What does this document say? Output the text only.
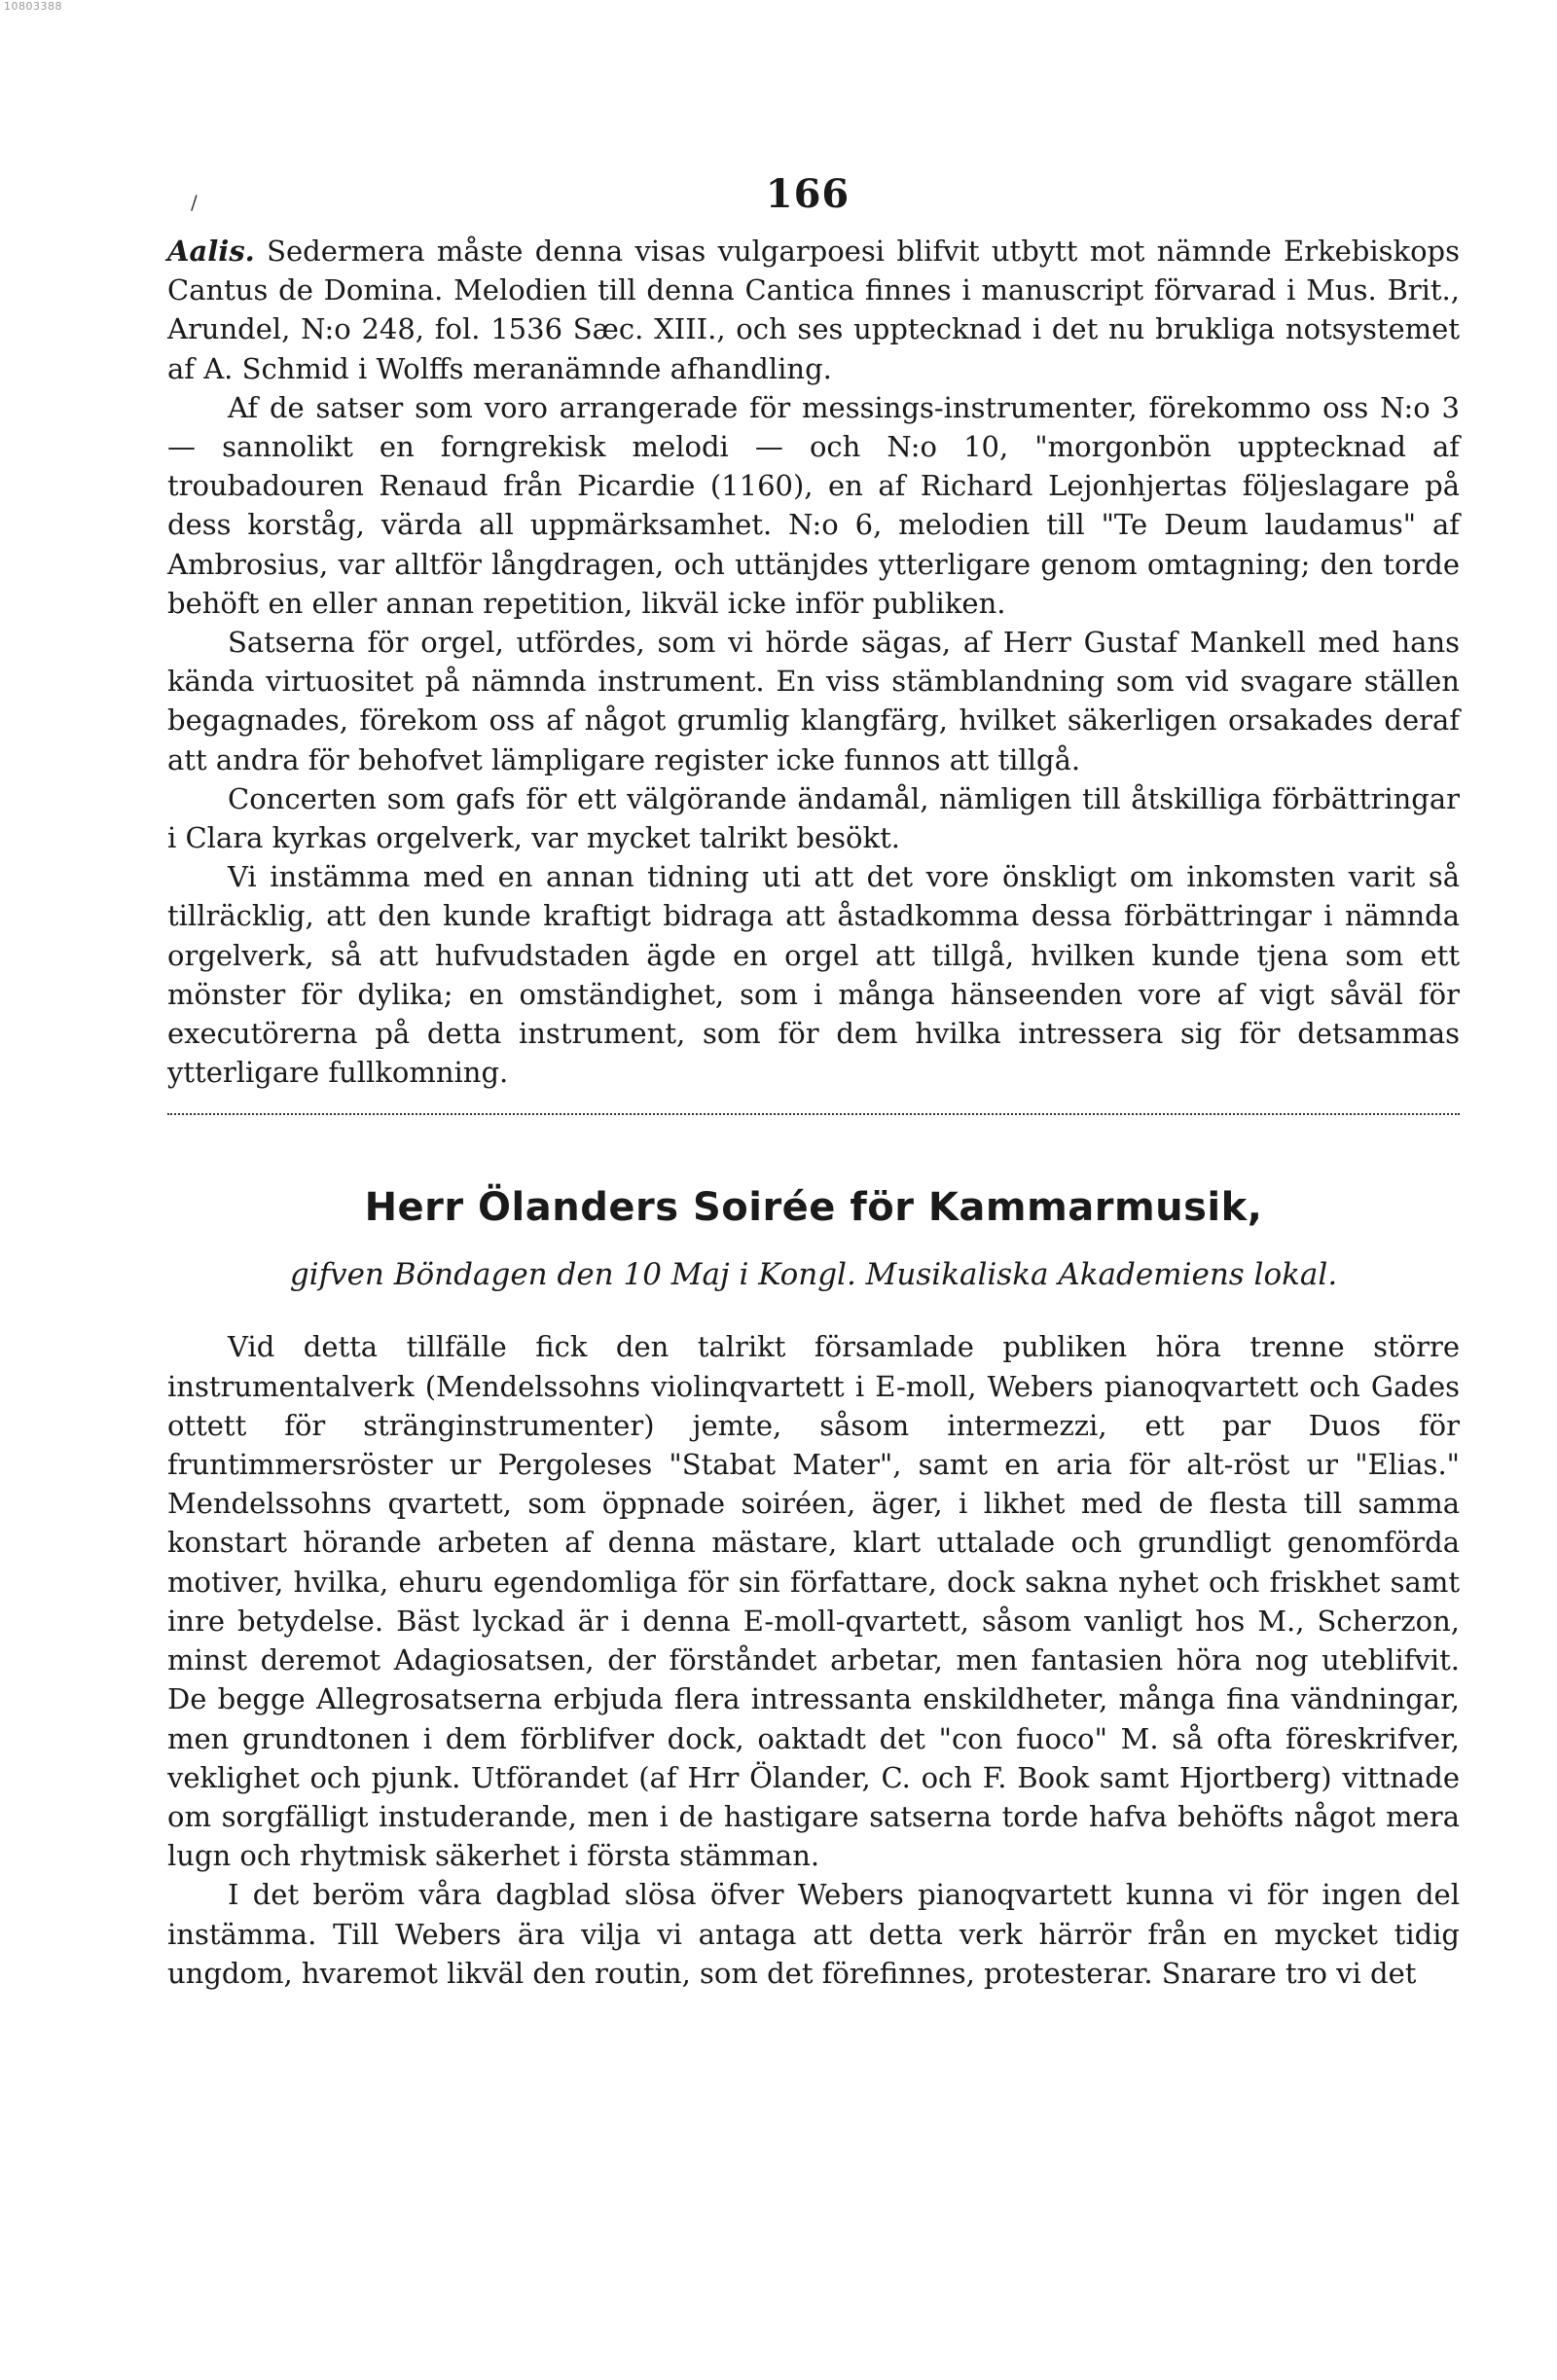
10803388
/	166

Aalis. Sedermera måste denna visas vulgarpoesi blifvit utbytt mot nämnde Erkebiskops Cantus de Domina. Melodien till denna Cantica finnes i manuscript förvarad i Mus. Brit., Arundel, N:o 248, fol. 1536 Sæc. XIII., och ses upptecknad i det nu brukliga notsystemet af A. Schmid i Wolffs meranämnde afhandling.

Af de satser som voro arrangerade för messings-instrumenter, förekommo oss N:o 3 — sannolikt en forngrekisk melodi — och N:o 10, "morgonbön upptecknad af troubadouren Renaud från Picardie (1160), en af Richard Lejonhjertas följeslagare på dess korståg, värda all uppmärksamhet. N:o 6, melodien till "Te Deum laudamus" af Ambrosius, var alltför långdragen, och uttänjdes ytterligare genom omtagning; den torde behöft en eller annan repetition, likväl icke inför publiken.

Satserna för orgel, utfördes, som vi hörde sägas, af Herr Gustaf Mankell med hans kända virtuositet på nämnda instrument. En viss stämblandning som vid svagare ställen begagnades, förekom oss af något grumlig klangfärg, hvilket säkerligen orsakades deraf att andra för behofvet lämpligare register icke funnos att tillgå.

Concerten som gafs för ett välgörande ändamål, nämligen till åtskilliga förbättringar i Clara kyrkas orgelverk, var mycket talrikt besökt.

Vi instämma med en annan tidning uti att det vore önskligt om inkomsten varit så tillräcklig, att den kunde kraftigt bidraga att åstadkomma dessa förbättringar i nämnda orgelverk, så att hufvudstaden ägde en orgel att tillgå, hvilken kunde tjena som ett mönster för dylika; en omständighet, som i många hänseenden vore af vigt såväl för executörerna på detta instrument, som för dem hvilka intressera sig för detsammas ytterligare fullkomning.

Herr Ölanders Soirée för Kammarmusik,
gifven Böndagen den 10 Maj i Kongl. Musikaliska Akademiens lokal.

Vid detta tillfälle fick den talrikt församlade publiken höra trenne större instrumentalverk (Mendelssohns violinqvartett i E-moll, Webers pianoqvartett och Gades ottett för stränginstrumenter) jemte, såsom intermezzi, ett par Duos för fruntimmersröster ur Pergoleses "Stabat Mater", samt en aria för alt-röst ur "Elias." Mendelssohns qvartett, som öppnade soiréen, äger, i likhet med de flesta till samma konstart hörande arbeten af denna mästare, klart uttalade och grundligt genomförda motiver, hvilka, ehuru egendomliga för sin författare, dock sakna nyhet och friskhet samt inre betydelse. Bäst lyckad är i denna E-moll-qvartett, såsom vanligt hos M., Scherzon, minst deremot Adagiosatsen, der förståndet arbetar, men fantasien höra nog uteblifvit. De begge Allegrosatserna erbjuda flera intressanta enskildheter, många fina vändningar, men grundtonen i dem förblifver dock, oaktadt det "con fuoco" M. så ofta föreskrifver, veklighet och pjunk. Utförandet (af Hrr Ölander, C. och F. Book samt Hjortberg) vittnade om sorgfälligt instuderande, men i de hastigare satserna torde hafva behöfts något mera lugn och rhytmisk säkerhet i första stämman.

I det beröm våra dagblad slösa öfver Webers pianoqvartett kunna vi för ingen del instämma. Till Webers ära vilja vi antaga att detta verk härrör från en mycket tidig ungdom, hvaremot likväl den routin, som det förefinnes, protesterar. Snarare tro vi det
